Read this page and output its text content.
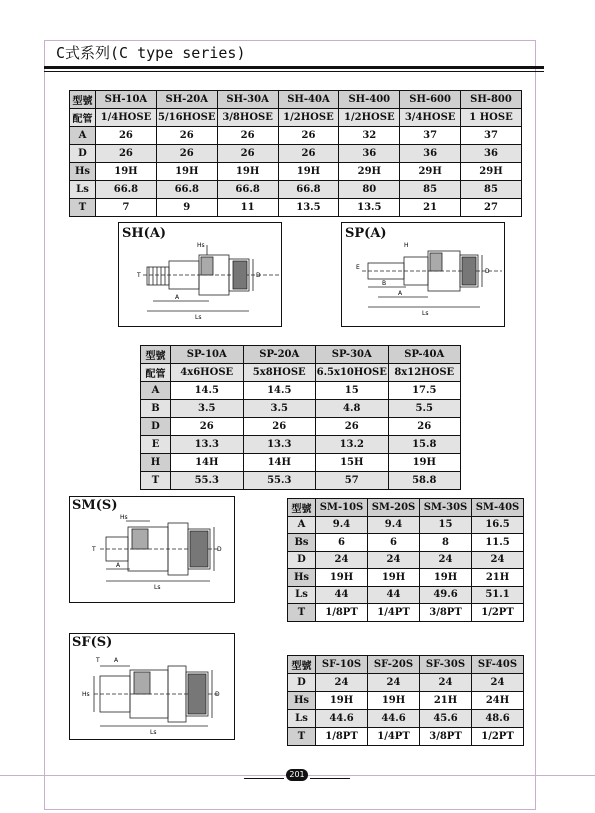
C式系列(C type series)
型號	SH-10A	SH-20A	SH-30A	SH-40A	SH-400	SH-600	SH-800
配管	1/4HOSE	5/16HOSE	3/8HOSE	1/2HOSE	1/2HOSE	3/4HOSE	1 HOSE
A	26	26	26	26	32	37	37
D	26	26	26	26	36	36	36
Hs	19H	19H	19H	19H	29H	29H	29H
Ls	66.8	66.8	66.8	66.8	80	85	85
T	7	9	11	13.5	13.5	21	27
型號	SP-10A	SP-20A	SP-30A	SP-40A
配管	4x6HOSE	5x8HOSE	6.5x10HOSE	8x12HOSE
A	14.5	14.5	15	17.5
B	3.5	3.5	4.8	5.5
D	26	26	26	26
E	13.3	13.3	13.2	15.8
H	14H	14H	15H	19H
T	55.3	55.3	57	58.8
型號	SM-10S	SM-20S	SM-30S	SM-40S
A	9.4	9.4	15	16.5
Bs	6	6	8	11.5
D	24	24	24	24
Hs	19H	19H	19H	21H
Ls	44	44	49.6	51.1
T	1/8PT	1/4PT	3/8PT	1/2PT
型號	SF-10S	SF-20S	SF-30S	SF-40S
D	24	24	24	24
Hs	19H	19H	21H	24H
Ls	44.6	44.6	45.6	48.6
T	1/8PT	1/4PT	3/8PT	1/2PT
SH(A)
Hs
T
A
Ls
D
SP(A)
H
E
B
A
Ls
D
SM(S)
Hs
T
A
Ls
D
SF(S)
T A
Hs
Ls
D
201
